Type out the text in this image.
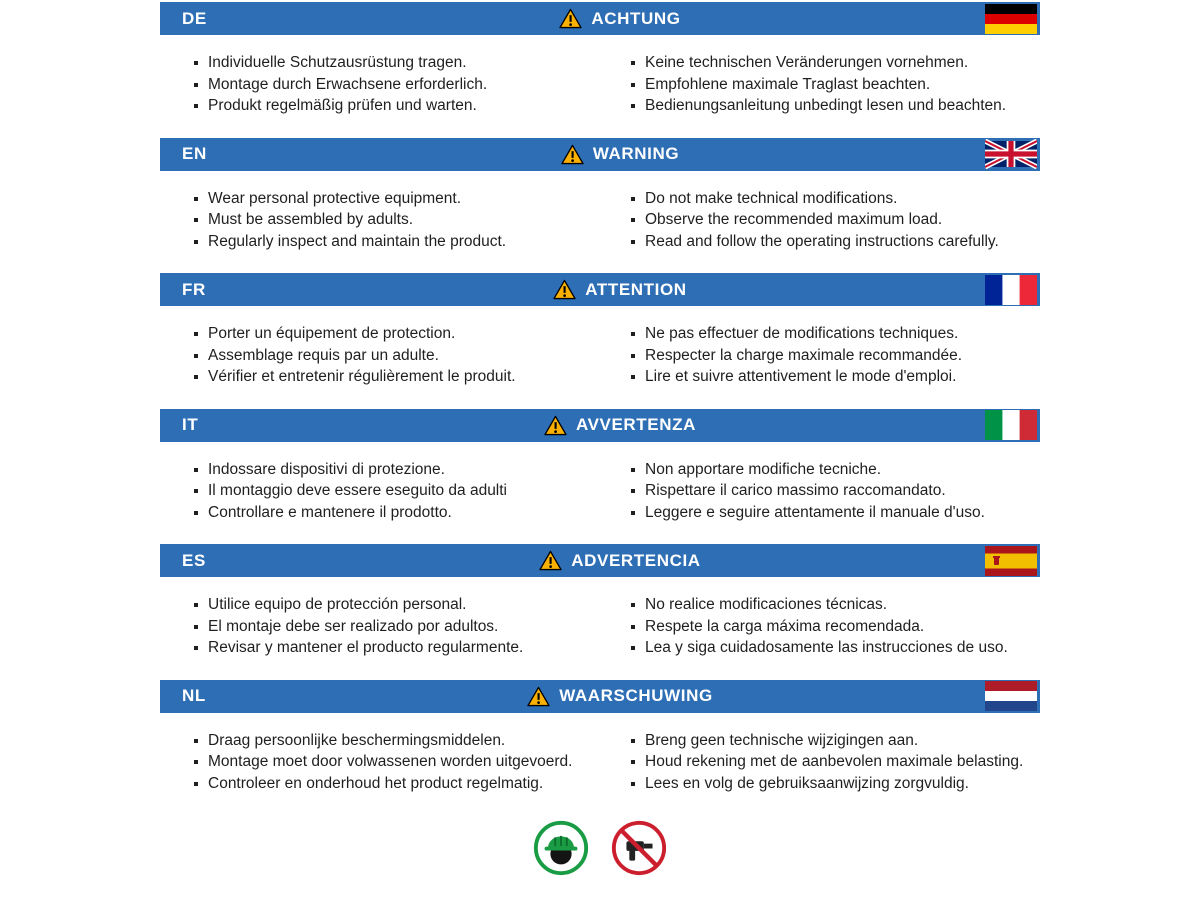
DE	ACHTUNG
Individuelle Schutzausrüstung tragen.
Montage durch Erwachsene erforderlich.
Produkt regelmäßig prüfen und warten.
Keine technischen Veränderungen vornehmen.
Empfohlene maximale Traglast beachten.
Bedienungsanleitung unbedingt lesen und beachten.
EN	WARNING
Wear personal protective equipment.
Must be assembled by adults.
Regularly inspect and maintain the product.
Do not make technical modifications.
Observe the recommended maximum load.
Read and follow the operating instructions carefully.
FR	ATTENTION
Porter un équipement de protection.
Assemblage requis par un adulte.
Vérifier et entretenir régulièrement le produit.
Ne pas effectuer de modifications techniques.
Respecter la charge maximale recommandée.
Lire et suivre attentivement le mode d'emploi.
IT	AVVERTENZA
Indossare dispositivi di protezione.
Il montaggio deve essere eseguito da adulti
Controllare e mantenere il prodotto.
Non apportare modifiche tecniche.
Rispettare il carico massimo raccomandato.
Leggere e seguire attentamente il manuale d'uso.
ES	ADVERTENCIA
Utilice equipo de protección personal.
El montaje debe ser realizado por adultos.
Revisar y mantener el producto regularmente.
No realice modificaciones técnicas.
Respete la carga máxima recomendada.
Lea y siga cuidadosamente las instrucciones de uso.
NL	WAARSCHUWING
Draag persoonlijke beschermingsmiddelen.
Montage moet door volwassenen worden uitgevoerd.
Controleer en onderhoud het product regelmatig.
Breng geen technische wijzigingen aan.
Houd rekening met de aanbevolen maximale belasting.
Lees en volg de gebruiksaanwijzing zorgvuldig.
